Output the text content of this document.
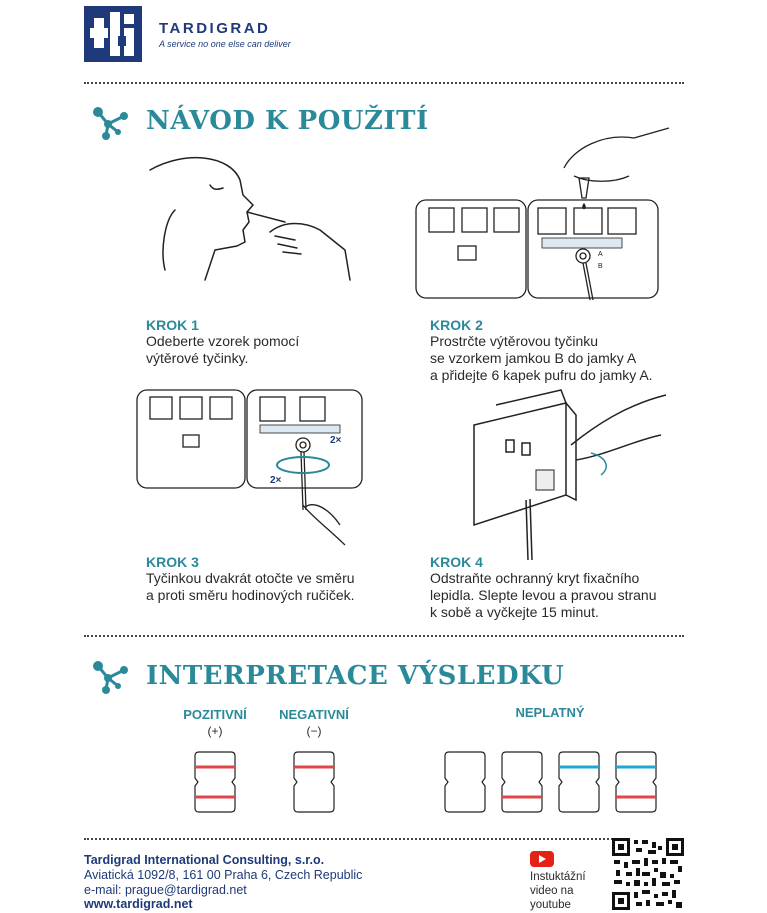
TARDIGRAD
A service no one else can deliver
NÁVOD K POUŽITÍ
KROK 1
Odeberte vzorek pomocí
výtěrové tyčinky.
A
B
KROK 2
Prostrčte výtěrovou tyčinku
se vzorkem jamkou B do jamky A
a přidejte 6 kapek pufru do jamky A.
2×
2×
KROK 3
Tyčinkou dvakrát otočte ve směru
a proti směru hodinových ručiček.
KROK 4
Odstraňte ochranný kryt fixačního
lepidla. Slepte levou a pravou stranu
k sobě a vyčkejte 15 minut.
INTERPRETACE VÝSLEDKU
POZITIVNÍ
(+)
NEGATIVNÍ
(−)
NEPLATNÝ
Tardigrad International Consulting, s.r.o.
Aviatická 1092/8, 161 00 Praha 6, Czech Republic
e-mail: prague@tardigrad.net
www.tardigrad.net
Instuktážní
video na
youtube
